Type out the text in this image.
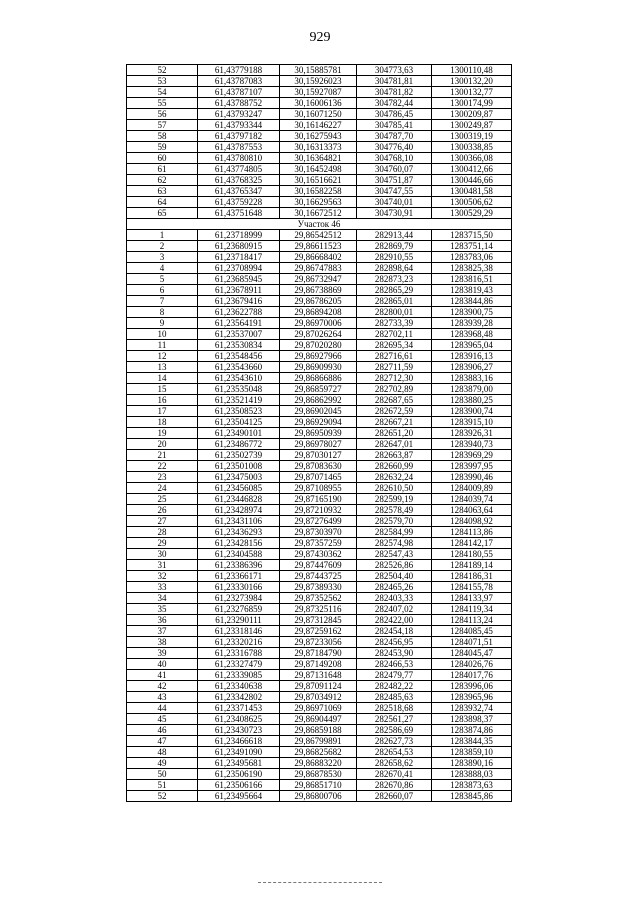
929
52	61,43779188	30,15885781	304773,63	1300110,48
53	61,43787083	30,15926023	304781,81	1300132,20
54	61,43787107	30,15927087	304781,82	1300132,77
55	61,43788752	30,16006136	304782,44	1300174,99
56	61,43793247	30,16071250	304786,45	1300209,87
57	61,43793344	30,16146227	304785,41	1300249,87
58	61,43797182	30,16275943	304787,70	1300319,19
59	61,43787553	30,16313373	304776,40	1300338,85
60	61,43780810	30,16364821	304768,10	1300366,08
61	61,43774805	30,16452498	304760,07	1300412,66
62	61,43768325	30,16516621	304751,87	1300446,66
63	61,43765347	30,16582258	304747,55	1300481,58
64	61,43759228	30,16629563	304740,01	1300506,62
65	61,43751648	30,16672512	304730,91	1300529,29
Участок 46				
1	61,23718999	29,86542512	282913,44	1283715,50
2	61,23680915	29,86611523	282869,79	1283751,14
3	61,23718417	29,86668402	282910,55	1283783,06
4	61,23708994	29,86747883	282898,64	1283825,38
5	61,23685945	29,86732947	282873,23	1283816,51
6	61,23678911	29,86738869	282865,29	1283819,43
7	61,23679416	29,86786205	282865,01	1283844,86
8	61,23622788	29,86894208	282800,01	1283900,75
9	61,23564191	29,86970006	282733,39	1283939,28
10	61,23537007	29,87026264	282702,11	1283968,48
11	61,23530834	29,87020280	282695,34	1283965,04
12	61,23548456	29,86927966	282716,61	1283916,13
13	61,23543660	29,86909930	282711,59	1283906,27
14	61,23543610	29,86866886	282712,30	1283883,16
15	61,23535048	29,86859727	282702,89	1283879,00
16	61,23521419	29,86862992	282687,65	1283880,25
17	61,23508523	29,86902045	282672,59	1283900,74
18	61,23504125	29,86929094	282667,21	1283915,10
19	61,23490101	29,86950939	282651,20	1283926,31
20	61,23486772	29,86978027	282647,01	1283940,73
21	61,23502739	29,87030127	282663,87	1283969,29
22	61,23501008	29,87083630	282660,99	1283997,95
23	61,23475003	29,87071465	282632,24	1283990,46
24	61,23456085	29,87108955	282610,50	1284009,89
25	61,23446828	29,87165190	282599,19	1284039,74
26	61,23428974	29,87210932	282578,49	1284063,64
27	61,23431106	29,87276499	282579,70	1284098,92
28	61,23436293	29,87303970	282584,99	1284113,86
29	61,23428156	29,87357259	282574,98	1284142,17
30	61,23404588	29,87430362	282547,43	1284180,55
31	61,23386396	29,87447609	282526,86	1284189,14
32	61,23366171	29,87443725	282504,40	1284186,31
33	61,23330166	29,87389330	282465,26	1284155,78
34	61,23273984	29,87352562	282403,33	1284133,97
35	61,23276859	29,87325116	282407,02	1284119,34
36	61,23290111	29,87312845	282422,00	1284113,24
37	61,23318146	29,87259162	282454,18	1284085,45
38	61,23320216	29,87233056	282456,95	1284071,51
39	61,23316788	29,87184790	282453,90	1284045,47
40	61,23327479	29,87149208	282466,53	1284026,76
41	61,23339085	29,87131648	282479,77	1284017,76
42	61,23340638	29,87091124	282482,22	1283996,06
43	61,23342802	29,87034912	282485,63	1283965,96
44	61,23371453	29,86971069	282518,68	1283932,74
45	61,23408625	29,86904497	282561,27	1283898,37
46	61,23430723	29,86859188	282586,69	1283874,86
47	61,23466618	29,86799891	282627,73	1283844,35
48	61,23491090	29,86825682	282654,53	1283859,10
49	61,23495681	29,86883220	282658,62	1283890,16
50	61,23506190	29,86878530	282670,41	1283888,03
51	61,23506166	29,86851710	282670,86	1283873,63
52	61,23495664	29,86800706	282660,07	1283845,86
